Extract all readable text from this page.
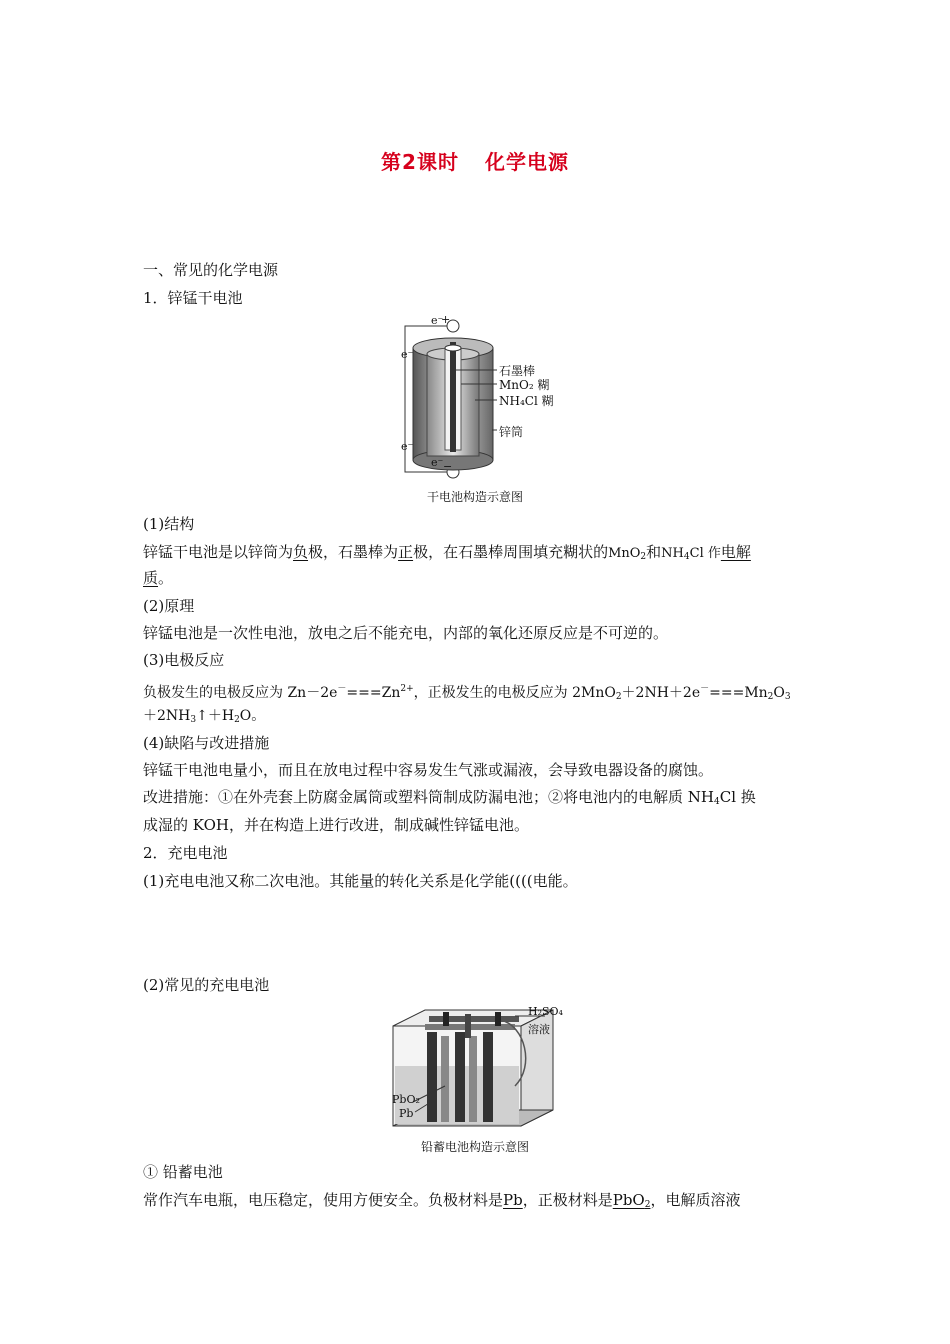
第2课时 化学电源
一、常见的化学电源
1．锌锰干电池
+
−
e⁻
e⁻
e⁻
e⁻
石墨棒
MnO₂ 糊
NH₄Cl 糊
锌筒
干电池构造示意图
(1)结构
锌锰干电池是以锌筒为负极，石墨棒为正极，在石墨棒周围填充糊状的MnO$_2$和$NH_4Cl$ 作电解
质。
(2)原理
锌锰电池是一次性电池，放电之后不能充电，内部的氧化还原反应是不可逆的。
(3)电极反应
负极发生的电极反应为 $Zn-2e^-===Zn^{2+}$，正极发生的电极反应为 $2MnO_2+2NH+2e^-===Mn_2O_3$
$+2NH_3↑+H_2O$。
(4)缺陷与改进措施
锌锰干电池电量小，而且在放电过程中容易发生气涨或漏液，会导致电器设备的腐蚀。
改进措施：①在外壳套上防腐金属筒或塑料筒制成防漏电池；②将电池内的电解质 $NH_4Cl$ 换
成湿的 KOH，并在构造上进行改进，制成碱性锌锰电池。
2．充电电池
(1)充电电池又称二次电池。其能量的转化关系是化学能((((电能。
(2)常见的充电电池
H₂SO₄
溶液
PbO₂
Pb
铅蓄电池构造示意图
① 铅蓄电池
常作汽车电瓶，电压稳定，使用方便安全。负极材料是Pb，正极材料是PbO$_2$，电解质溶液
